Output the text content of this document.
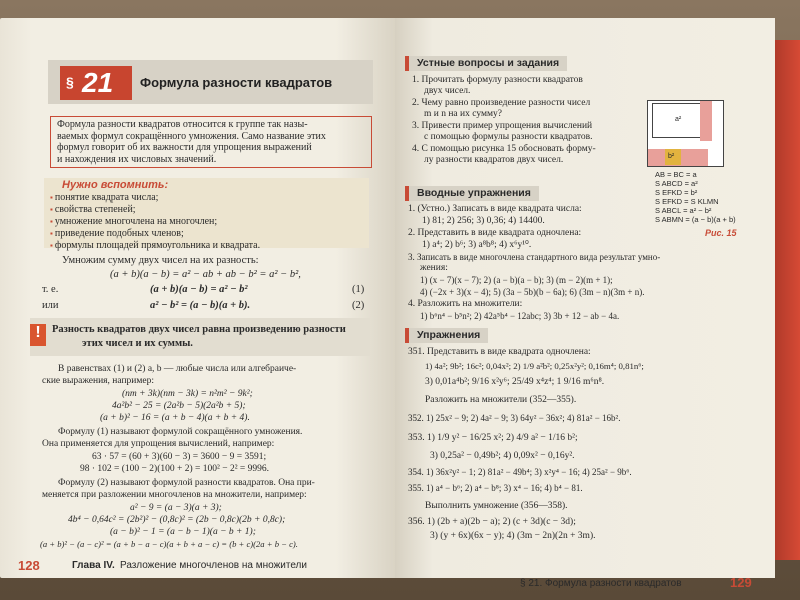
§ 21 Формула разности квадратов
Формула разности квадратов относится к группе так назы-
ваемых формул сокращённого умножения. Само название этих
формул говорит об их важности для упрощения выражений
и нахождения их числовых значений.
Нужно вспомнить:
▪ понятие квадрата числа;
▪ свойства степеней;
▪ умножение многочлена на многочлен;
▪ приведение подобных членов;
▪ формулы площадей прямоугольника и квадрата.
Умножим сумму двух чисел на их разность:
(a + b)(a − b) = a² − ab + ab − b² = a² − b²,
т. е.	(a + b)(a − b) = a² − b²	(1)
или	a² − b² = (a − b)(a + b).	(2)
!	Разность квадратов двух чисел равна произведению разности
этих чисел и их суммы.
В равенствах (1) и (2) a, b — любые числа или алгебраиче-
ские выражения, например:
(nm + 3k)(nm − 3k) = n²m² − 9k²;
4a²b² − 25 = (2a²b − 5)(2a²b + 5);
(a + b)² − 16 = (a + b − 4)(a + b + 4).
Формулу (1) называют формулой сокращённого умножения.
Она применяется для упрощения вычислений, например:
63 · 57 = (60 + 3)(60 − 3) = 3600 − 9 = 3591;
98 · 102 = (100 − 2)(100 + 2) = 100² − 2² = 9996.
Формулу (2) называют формулой разности квадратов. Она при-
меняется при разложении многочленов на множители, например:
a² − 9 = (a − 3)(a + 3);
4b⁴ − 0,64c² = (2b²)² − (0,8c)² = (2b − 0,8c)(2b + 0,8c);
(a − b)² − 1 = (a − b − 1)(a − b + 1);
(a + b)² − (a − c)² = (a + b − a − c)(a + b + a − c) = (b + c)(2a + b − c).
128	Глава IV. Разложение многочленов на множители
Устные вопросы и задания
1. Прочитать формулу разности квадратов
двух чисел.
2. Чему равно произведение разности чисел
m и n на их сумму?
3. Привести пример упрощения вычислений
с помощью формулы разности квадратов.
4. С помощью рисунка 15 обосновать форму-
лу разности квадратов двух чисел.
a²
b²
AB = BC = a
S ABCD = a²
S EFKD = b²
S EFKD = S KLMN
S ABCL = a² − b²
S ABMN = (a − b)(a + b)
Рис. 15
Вводные упражнения
1. (Устно.) Записать в виде квадрата числа:
1) 81; 2) 256; 3) 0,36; 4) 14400.
2. Представить в виде квадрата одночлена:
1) a⁴; 2) b⁶; 3) a⁸b⁸; 4) x⁶y¹⁰.
3. Записать в виде многочлена стандартного вида результат умно-
жения:
1) (x − 7)(x − 7); 2) (a − b)(a − b); 3) (m − 2)(m + 1);
4) (−2x + 3)(x − 4); 5) (3a − 5b)(b − 6a); 6) (3m − n)(3m + n).
4. Разложить на множители:
1) b⁶n⁴ − b⁵n²; 2) 42a⁵b⁴ − 12abc; 3) 3b + 12 − ab − 4a.
Упражнения
351. Представить в виде квадрата одночлена:
1) 4a²; 9b²; 16c²; 0,04x²; 2) 1/9 a²b²; 0,25x²y²; 0,16m⁴; 0,81n⁶;
3) 0,01a⁴b²; 9/16 x²y⁶; 25/49 x⁴z⁴; 1 9/16 m⁶n⁸.
Разложить на множители (352—355).
352. 1) 25x² − 9; 2) 4a² − 9; 3) 64y² − 36x²; 4) 81a² − 16b².
353. 1) 1/9 y² − 16/25 x²; 2) 4/9 a² − 1/16 b²;
3) 0,25a² − 0,49b²; 4) 0,09x² − 0,16y².
354. 1) 36x²y² − 1; 2) 81a² − 49b⁴; 3) x²y⁴ − 16; 4) 25a² − 9b⁶.
355. 1) a⁴ − b⁶; 2) a⁴ − b⁸; 3) x⁴ − 16; 4) b⁴ − 81.
Выполнить умножение (356—358).
356. 1) (2b + a)(2b − a); 2) (c + 3d)(c − 3d);
3) (y + 6x)(6x − y); 4) (3m − 2n)(2n + 3m).
§ 21. Формула разности квадратов	129
